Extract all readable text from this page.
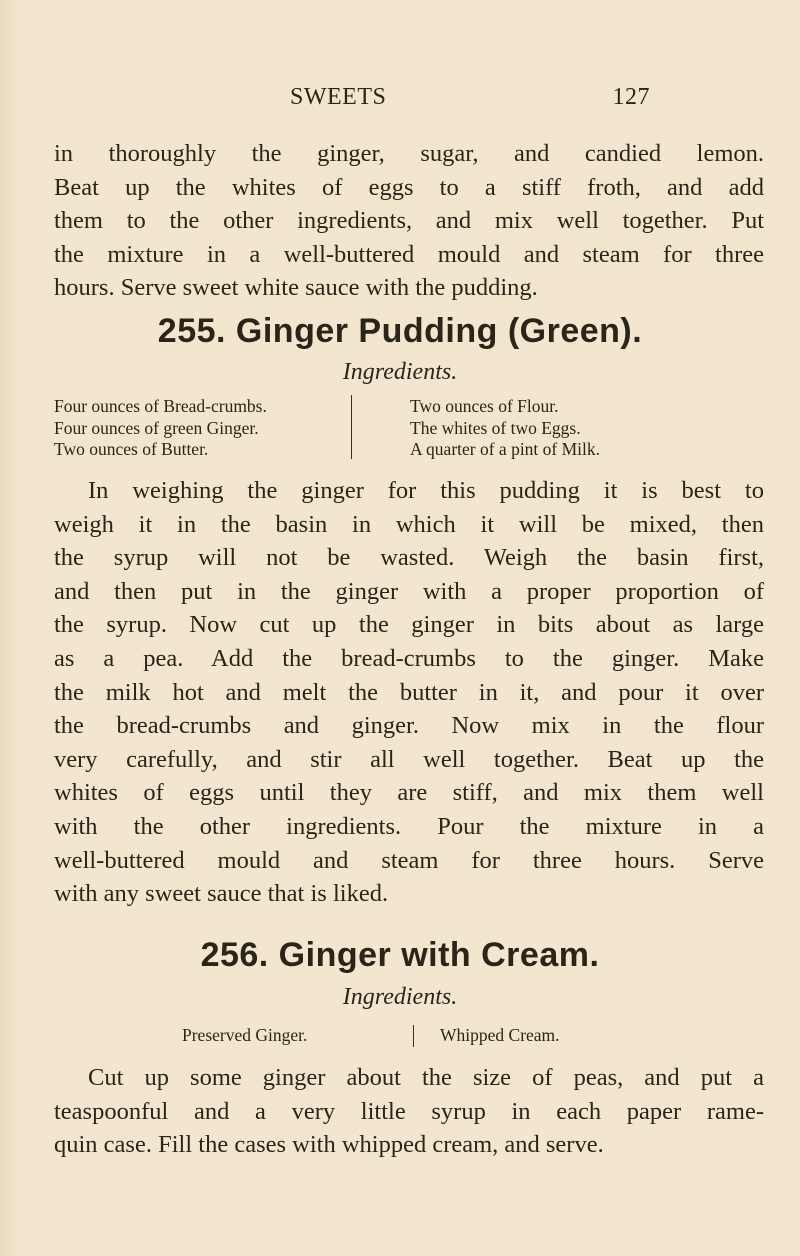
SWEETS	127
in thoroughly the ginger, sugar, and candied lemon.
Beat up the whites of eggs to a stiff froth, and add
them to the other ingredients, and mix well together. Put
the mixture in a well-buttered mould and steam for three
hours. Serve sweet white sauce with the pudding.
255. Ginger Pudding (Green).
Ingredients.
Four ounces of Bread-crumbs.
Four ounces of green Ginger.
Two ounces of Butter.
Two ounces of Flour.
The whites of two Eggs.
A quarter of a pint of Milk.
In weighing the ginger for this pudding it is best to
weigh it in the basin in which it will be mixed, then
the syrup will not be wasted. Weigh the basin first,
and then put in the ginger with a proper proportion of
the syrup. Now cut up the ginger in bits about as large
as a pea. Add the bread-crumbs to the ginger. Make
the milk hot and melt the butter in it, and pour it over
the bread-crumbs and ginger. Now mix in the flour
very carefully, and stir all well together. Beat up the
whites of eggs until they are stiff, and mix them well
with the other ingredients. Pour the mixture in a
well-buttered mould and steam for three hours. Serve
with any sweet sauce that is liked.
256. Ginger with Cream.
Ingredients.
Preserved Ginger.	Whipped Cream.
Cut up some ginger about the size of peas, and put a
teaspoonful and a very little syrup in each paper rame-
quin case. Fill the cases with whipped cream, and serve.
